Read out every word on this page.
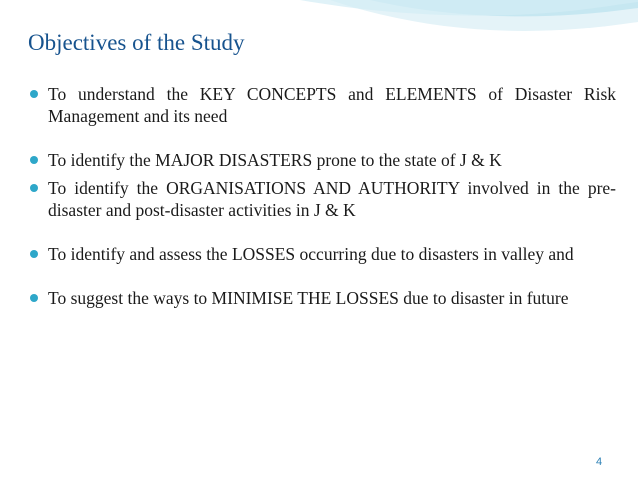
Objectives of the Study
To understand the KEY CONCEPTS and ELEMENTS of Disaster Risk Management and its need
To identify the MAJOR DISASTERS prone to the state of J & K
To identify the ORGANISATIONS AND AUTHORITY involved in the pre-disaster and post-disaster activities in J & K
To identify and assess the LOSSES occurring due to disasters in valley and
To suggest the ways to MINIMISE THE LOSSES due to disaster in future
4
